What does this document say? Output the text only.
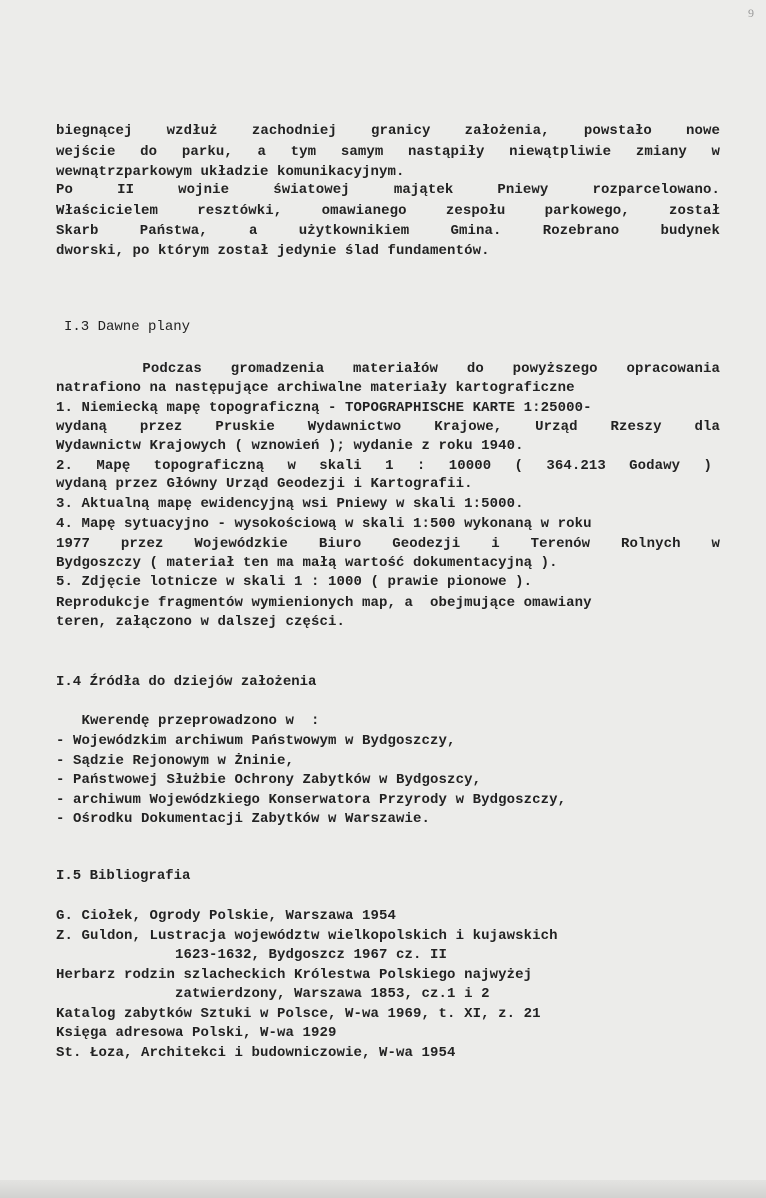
9
biegnącej wzdłuż zachodniej granicy założenia, powstało nowe
wejście do parku, a tym samym nastąpiły niewątpliwie zmiany w
wewnątrzparkowym układzie komunikacyjnym.
Po II wojnie światowej majątek Pniewy rozparcelowano.
Właścicielem resztówki, omawianego zespołu parkowego, został
Skarb Państwa, a użytkownikiem Gmina. Rozebrano budynek
dworski, po którym został jedynie ślad fundamentów.
I.3 Dawne plany
Podczas gromadzenia materiałów do powyższego opracowania
natrafiono na następujące archiwalne materiały kartograficzne
1. Niemiecką mapę topograficzną - TOPOGRAPHISCHE KARTE 1:25000-
wydaną przez Pruskie Wydawnictwo Krajowe, Urząd Rzeszy dla
Wydawnictw Krajowych ( wznowień ); wydanie z roku 1940.
2. Mapę topograficzną w skali 1 : 10000 ( 364.213 Godawy )
wydaną przez Główny Urząd Geodezji i Kartografii.
3. Aktualną mapę ewidencyjną wsi Pniewy w skali 1:5000.
4. Mapę sytuacyjno - wysokościową w skali 1:500 wykonaną w roku
1977 przez Wojewódzkie Biuro Geodezji i Terenów Rolnych w
Bydgoszczy ( materiał ten ma małą wartość dokumentacyjną ).
5. Zdjęcie lotnicze w skali 1 : 1000 ( prawie pionowe ).
Reprodukcje fragmentów wymienionych map, a  obejmujące omawiany
teren, załączono w dalszej części.
I.4 Źródła do dziejów założenia
Kwerendę przeprowadzono w  :
- Wojewódzkim archiwum Państwowym w Bydgoszczy,
- Sądzie Rejonowym w Żninie,
- Państwowej Służbie Ochrony Zabytków w Bydgoszcy,
- archiwum Wojewódzkiego Konserwatora Przyrody w Bydgoszczy,
- Ośrodku Dokumentacji Zabytków w Warszawie.
I.5 Bibliografia
G. Ciołek, Ogrody Polskie, Warszawa 1954
Z. Guldon, Lustracja województw wielkopolskich i kujawskich
1623-1632, Bydgoszcz 1967 cz. II
Herbarz rodzin szlacheckich Królestwa Polskiego najwyżej
zatwierdzony, Warszawa 1853, cz.1 i 2
Katalog zabytków Sztuki w Polsce, W-wa 1969, t. XI, z. 21
Księga adresowa Polski, W-wa 1929
St. Łoza, Architekci i budowniczowie, W-wa 1954
